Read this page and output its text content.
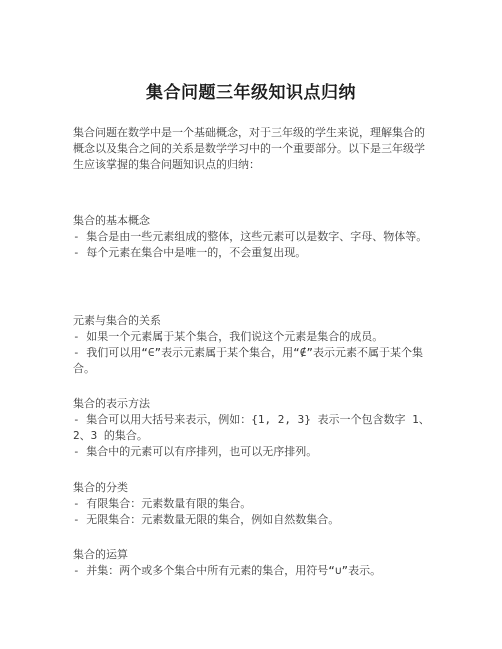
集合问题三年级知识点归纳
集合问题在数学中是一个基础概念，对于三年级的学生来说，理解集合的概念以及集合之间的关系是数学学习中的一个重要部分。以下是三年级学生应该掌握的集合问题知识点的归纳：

集合的基本概念

- 集合是由一些元素组成的整体，这些元素可以是数字、字母、物体等。

- 每个元素在集合中是唯一的，不会重复出现。

元素与集合的关系

- 如果一个元素属于某个集合，我们说这个元素是集合的成员。

- 我们可以用“∈”表示元素属于某个集合，用“∉”表示元素不属于某个集合。

集合的表示方法

- 集合可以用大括号来表示，例如：{1, 2, 3} 表示一个包含数字 1、2、3 的集合。

- 集合中的元素可以有序排列，也可以无序排列。

集合的分类

- 有限集合：元素数量有限的集合。

- 无限集合：元素数量无限的集合，例如自然数集合。

集合的运算

- 并集：两个或多个集合中所有元素的集合，用符号“∪”表示。
